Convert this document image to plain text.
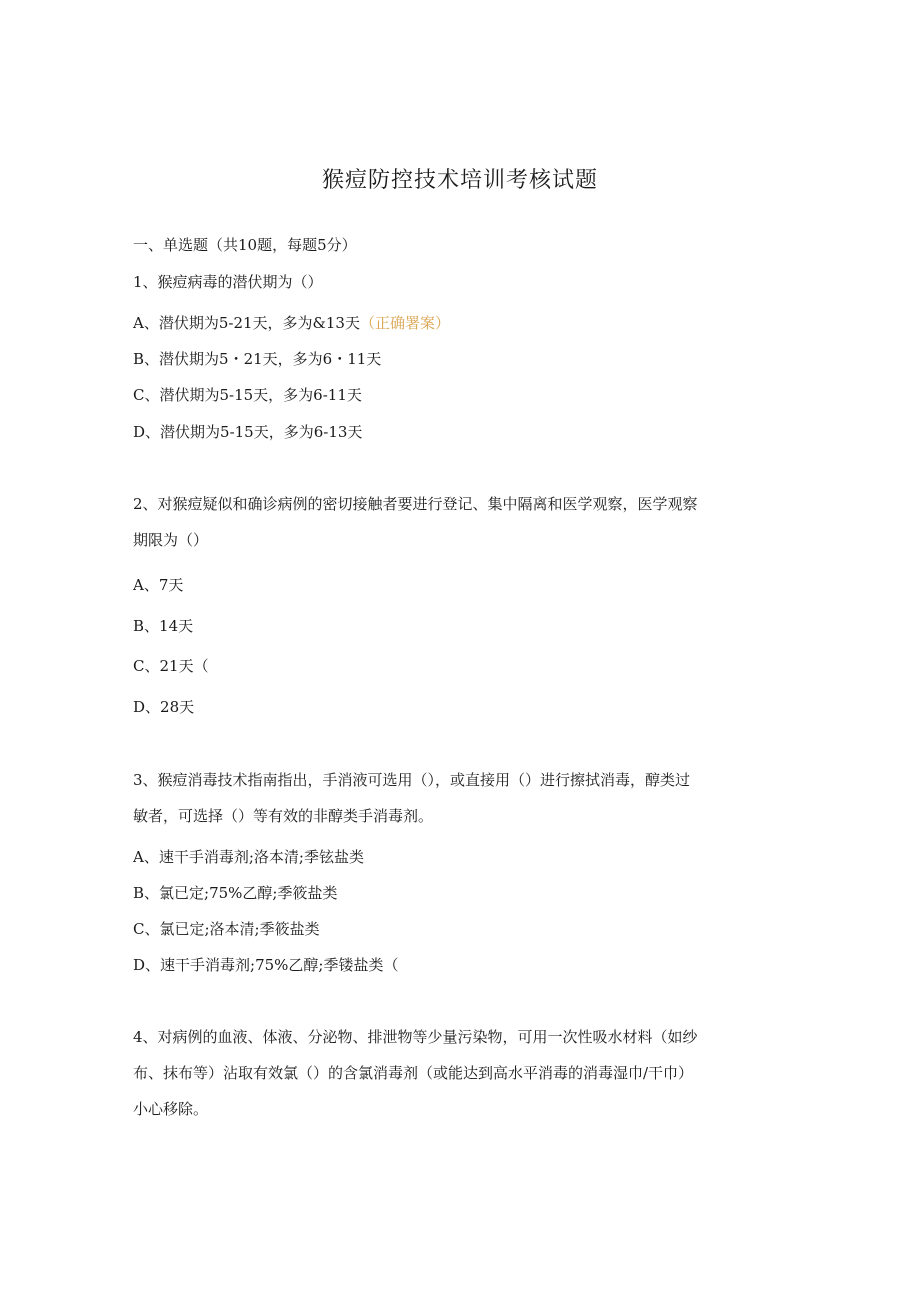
猴痘防控技术培训考核试题
一、单选题（共10题，每题5分）
1、猴痘病毒的潜伏期为（）
A、潜伏期为5-21天，多为&13天（正确署案）
B、潜伏期为5・21天，多为6・11天
C、潜伏期为5-15天，多为6-11天
D、潜伏期为5-15天，多为6-13天
2、对猴痘疑似和确诊病例的密切接触者要进行登记、集中隔离和医学观察，医学观察
期限为（）
A、7天
B、14天
C、21天（
D、28天
3、猴痘消毒技术指南指出，手消液可选用（），或直接用（）进行擦拭消毒，醇类过
敏者，可选择（）等有效的非醇类手消毒剂。
A、速干手消毒剂;洛本清;季铉盐类
B、氯已定;75%乙醇;季筱盐类
C、氯已定;洛本清;季筱盐类
D、速干手消毒剂;75%乙醇;季镂盐类（
4、对病例的血液、体液、分泌物、排泄物等少量污染物，可用一次性吸水材料（如纱
布、抹布等）沾取有效氯（）的含氯消毒剂（或能达到高水平消毒的消毒湿巾/干巾）
小心移除。
